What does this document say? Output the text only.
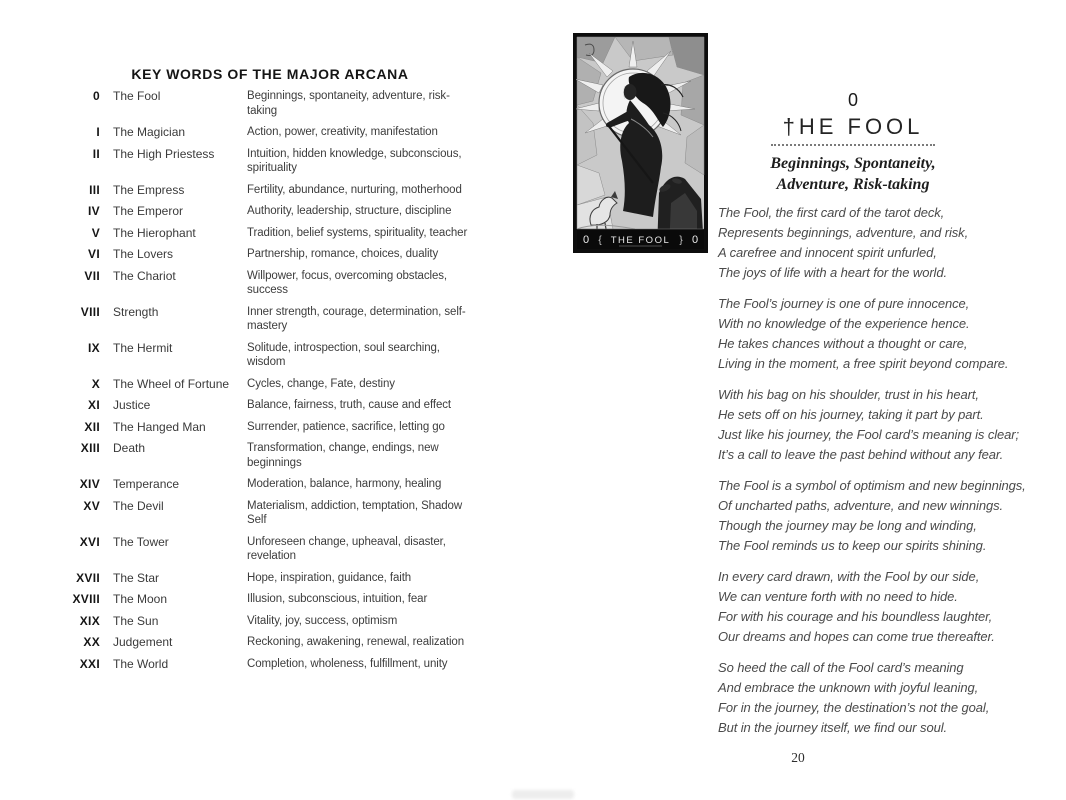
KEY WORDS OF THE MAJOR ARCANA
0 The Fool	Beginnings, spontaneity, adventure, risk-taking
I The Magician	Action, power, creativity, manifestation
II The High Priestess	Intuition, hidden knowledge, subconscious, spirituality
III The Empress	Fertility, abundance, nurturing, motherhood
IV The Emperor	Authority, leadership, structure, discipline
V The Hierophant	Tradition, belief systems, spirituality, teacher
VI The Lovers	Partnership, romance, choices, duality
VII The Chariot	Willpower, focus, overcoming obstacles, success
VIII Strength	Inner strength, courage, determination, self-mastery
IX The Hermit	Solitude, introspection, soul searching, wisdom
X The Wheel of Fortune	Cycles, change, Fate, destiny
XI Justice	Balance, fairness, truth, cause and effect
XII The Hanged Man	Surrender, patience, sacrifice, letting go
XIII Death	Transformation, change, endings, new beginnings
XIV Temperance	Moderation, balance, harmony, healing
XV The Devil	Materialism, addiction, temptation, Shadow Self
XVI The Tower	Unforeseen change, upheaval, disaster, revelation
XVII The Star	Hope, inspiration, guidance, faith
XVIII The Moon	Illusion, subconscious, intuition, fear
XIX The Sun	Vitality, joy, success, optimism
XX Judgement	Reckoning, awakening, renewal, realization
XXI The World	Completion, wholeness, fulfillment, unity
0 { THE FOOL } 0
0
†HE FOOL
Beginnings, Spontaneity,
Adventure, Risk-taking
The Fool, the first card of the tarot deck,
Represents beginnings, adventure, and risk,
A carefree and innocent spirit unfurled,
The joys of life with a heart for the world.
The Fool’s journey is one of pure innocence,
With no knowledge of the experience hence.
He takes chances without a thought or care,
Living in the moment, a free spirit beyond compare.
With his bag on his shoulder, trust in his heart,
He sets off on his journey, taking it part by part.
Just like his journey, the Fool card’s meaning is clear;
It’s a call to leave the past behind without any fear.
The Fool is a symbol of optimism and new beginnings,
Of uncharted paths, adventure, and new winnings.
Though the journey may be long and winding,
The Fool reminds us to keep our spirits shining.
In every card drawn, with the Fool by our side,
We can venture forth with no need to hide.
For with his courage and his boundless laughter,
Our dreams and hopes can come true thereafter.
So heed the call of the Fool card’s meaning
And embrace the unknown with joyful leaning,
For in the journey, the destination’s not the goal,
But in the journey itself, we find our soul.
20
